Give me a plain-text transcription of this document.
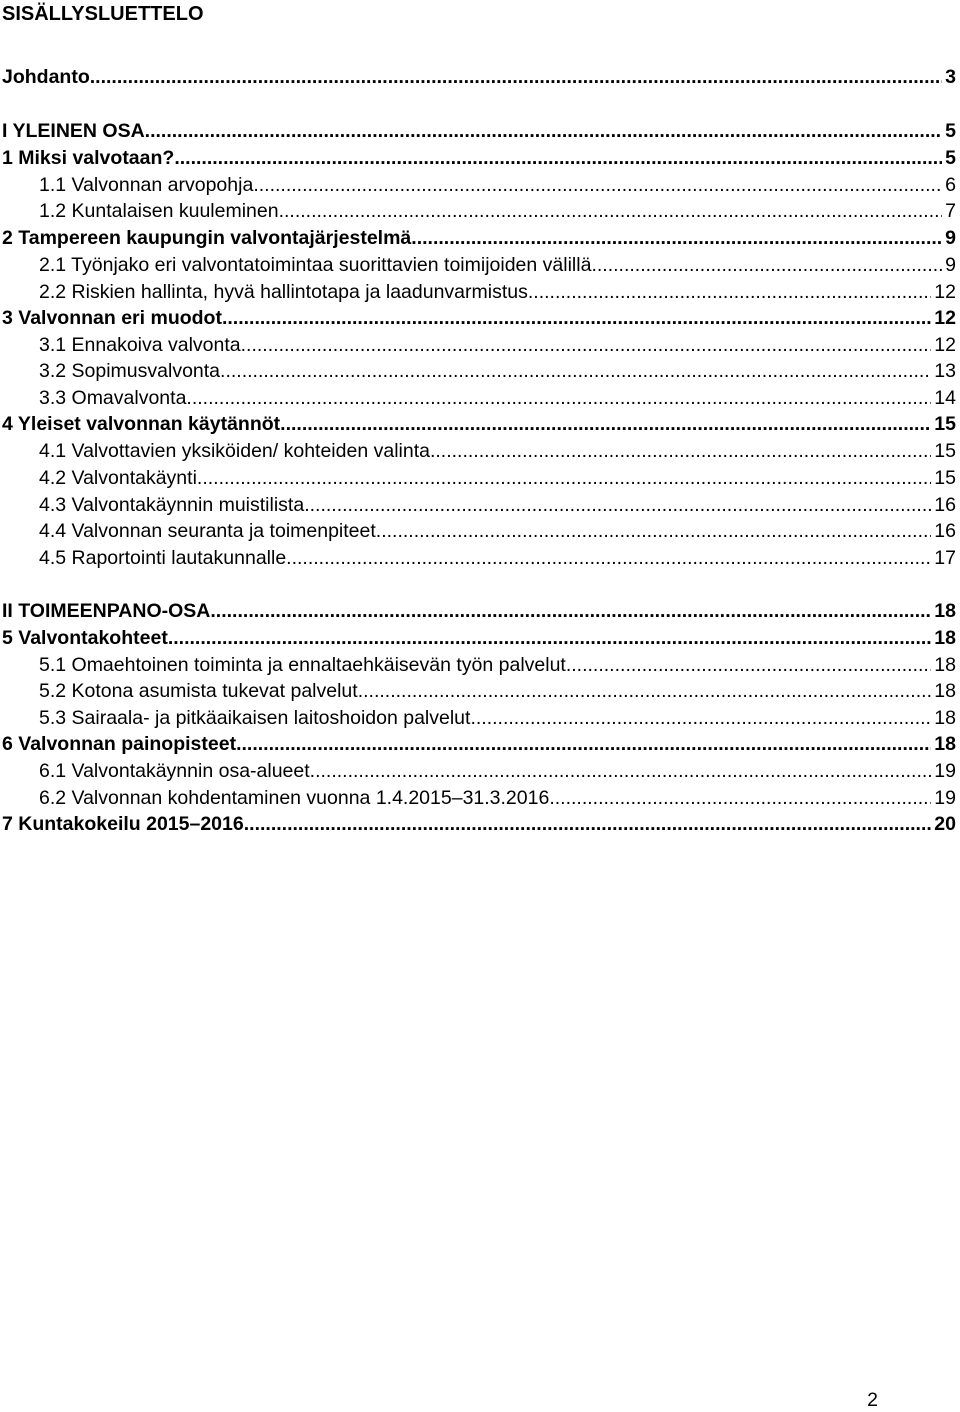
SISÄLLYSLUETTELO
Johdanto .....	3
I YLEINEN OSA .....	5
1 Miksi valvotaan? .....	5
1.1 Valvonnan arvopohja .....	6
1.2 Kuntalaisen kuuleminen .....	7
2 Tampereen kaupungin valvontajärjestelmä .....	9
2.1 Työnjako eri valvontatoimintaa suorittavien toimijoiden välillä .....	9
2.2 Riskien hallinta, hyvä hallintotapa ja laadunvarmistus .....	12
3 Valvonnan eri muodot .....	12
3.1 Ennakoiva valvonta .....	12
3.2 Sopimusvalvonta .....	13
3.3 Omavalvonta .....	14
4 Yleiset valvonnan käytännöt .....	15
4.1 Valvottavien yksiköiden/ kohteiden valinta .....	15
4.2 Valvontakäynti .....	15
4.3 Valvontakäynnin muistilista .....	16
4.4 Valvonnan seuranta ja toimenpiteet .....	16
4.5 Raportointi lautakunnalle .....	17
II TOIMEENPANO-OSA .....	18
5 Valvontakohteet .....	18
5.1 Omaehtoinen toiminta ja ennaltaehkäisevän työn palvelut .....	18
5.2 Kotona asumista tukevat palvelut .....	18
5.3 Sairaala- ja pitkäaikaisen laitoshoidon palvelut .....	18
6 Valvonnan painopisteet .....	18
6.1 Valvontakäynnin osa-alueet .....	19
6.2 Valvonnan kohdentaminen vuonna 1.4.2015–31.3.2016 .....	19
7 Kuntakokeilu 2015–2016 .....	20
2
